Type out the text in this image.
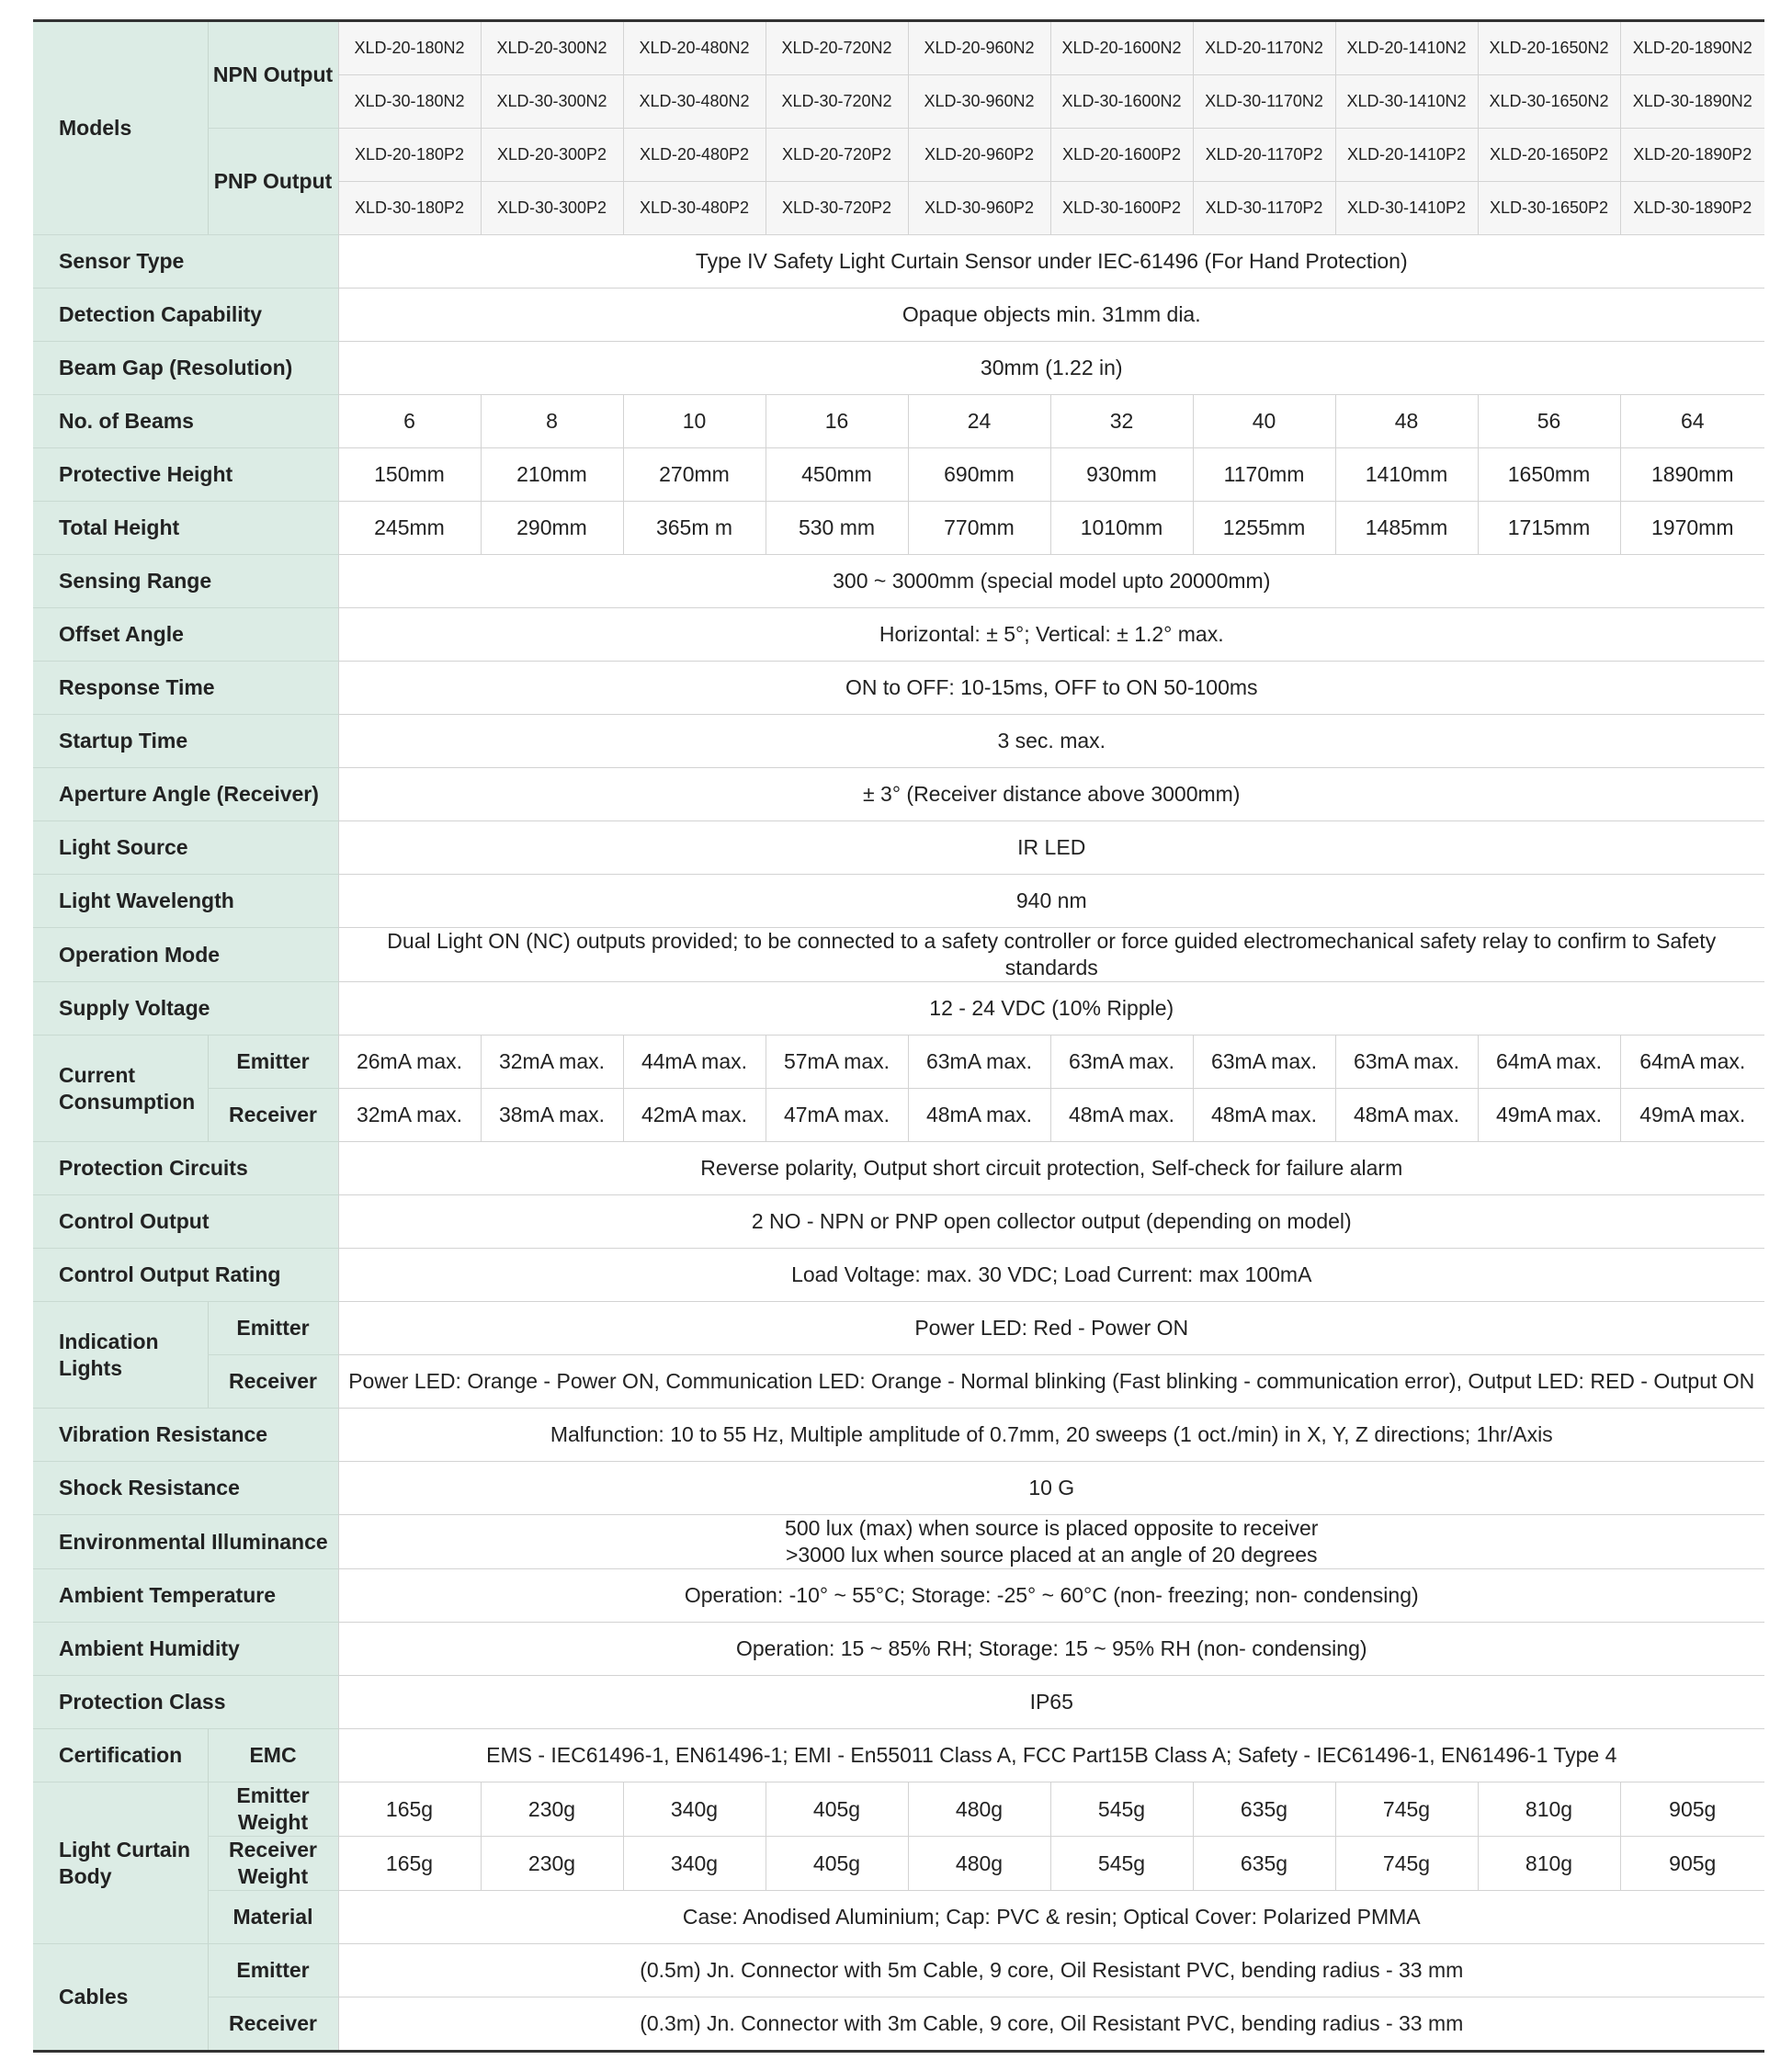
Models	NPN Output	XLD-20-180N2	XLD-20-300N2	XLD-20-480N2	XLD-20-720N2	XLD-20-960N2	XLD-20-1600N2	XLD-20-1170N2	XLD-20-1410N2	XLD-20-1650N2	XLD-20-1890N2
		XLD-30-180N2	XLD-30-300N2	XLD-30-480N2	XLD-30-720N2	XLD-30-960N2	XLD-30-1600N2	XLD-30-1170N2	XLD-30-1410N2	XLD-30-1650N2	XLD-30-1890N2
	PNP Output	XLD-20-180P2	XLD-20-300P2	XLD-20-480P2	XLD-20-720P2	XLD-20-960P2	XLD-20-1600P2	XLD-20-1170P2	XLD-20-1410P2	XLD-20-1650P2	XLD-20-1890P2
		XLD-30-180P2	XLD-30-300P2	XLD-30-480P2	XLD-30-720P2	XLD-30-960P2	XLD-30-1600P2	XLD-30-1170P2	XLD-30-1410P2	XLD-30-1650P2	XLD-30-1890P2
Sensor Type		Type IV Safety Light Curtain Sensor under IEC-61496 (For Hand Protection)									
Detection Capability		Opaque objects min. 31mm dia.									
Beam Gap (Resolution)		30mm (1.22 in)									
No. of Beams		6	8	10	16	24	32	40	48	56	64
Protective Height		150mm	210mm	270mm	450mm	690mm	930mm	1170mm	1410mm	1650mm	1890mm
Total Height		245mm	290mm	365m m	530 mm	770mm	1010mm	1255mm	1485mm	1715mm	1970mm
Sensing Range		300 ~ 3000mm (special model upto 20000mm)									
Offset Angle		Horizontal: ± 5°; Vertical: ± 1.2° max.									
Response Time		ON to OFF: 10-15ms, OFF to ON 50-100ms									
Startup Time		3 sec. max.									
Aperture Angle (Receiver)		± 3° (Receiver distance above 3000mm)									
Light Source		IR LED									
Light Wavelength		940 nm									
Operation Mode		Dual Light ON (NC) outputs provided; to be connected to a safety controller or force guided electromechanical safety relay to confirm to Safety standards									
Supply Voltage		12 - 24 VDC (10% Ripple)									
Current Consumption	Emitter	26mA max.	32mA max.	44mA max.	57mA max.	63mA max.	63mA max.	63mA max.	63mA max.	64mA max.	64mA max.
	Receiver	32mA max.	38mA max.	42mA max.	47mA max.	48mA max.	48mA max.	48mA max.	48mA max.	49mA max.	49mA max.
Protection Circuits		Reverse polarity, Output short circuit protection, Self-check for failure alarm									
Control Output		2 NO - NPN or PNP open collector output (depending on model)									
Control Output Rating		Load Voltage: max. 30 VDC; Load Current: max 100mA									
Indication Lights	Emitter	Power LED: Red - Power ON									
	Receiver	Power LED: Orange - Power ON, Communication LED: Orange - Normal blinking (Fast blinking - communication error), Output LED: RED - Output ON									
Vibration Resistance		Malfunction: 10 to 55 Hz, Multiple amplitude of 0.7mm, 20 sweeps (1 oct./min) in X, Y, Z directions; 1hr/Axis									
Shock Resistance		10 G									
Environmental Illuminance		500 lux (max) when source is placed opposite to receiver
>3000 lux when source placed at an angle of 20 degrees									

Ambient Temperature		Operation: -10° ~ 55°C; Storage: -25° ~ 60°C (non- freezing; non- condensing)									
Ambient Humidity		Operation: 15 ~ 85% RH; Storage: 15 ~ 95% RH (non- condensing)									
Protection Class		IP65									
Certification	EMC	EMS - IEC61496-1, EN61496-1; EMI - En55011 Class A, FCC Part15B Class A; Safety - IEC61496-1, EN61496-1 Type 4									
Light Curtain Body	Emitter Weight	165g	230g	340g	405g	480g	545g	635g	745g	810g	905g
	Receiver Weight	165g	230g	340g	405g	480g	545g	635g	745g	810g	905g
	Material	Case: Anodised Aluminium; Cap: PVC & resin; Optical Cover: Polarized PMMA									
Cables	Emitter	(0.5m) Jn. Connector with 5m Cable, 9 core, Oil Resistant PVC, bending radius - 33 mm									
	Receiver	(0.3m) Jn. Connector with 3m Cable, 9 core, Oil Resistant PVC, bending radius - 33 mm									
